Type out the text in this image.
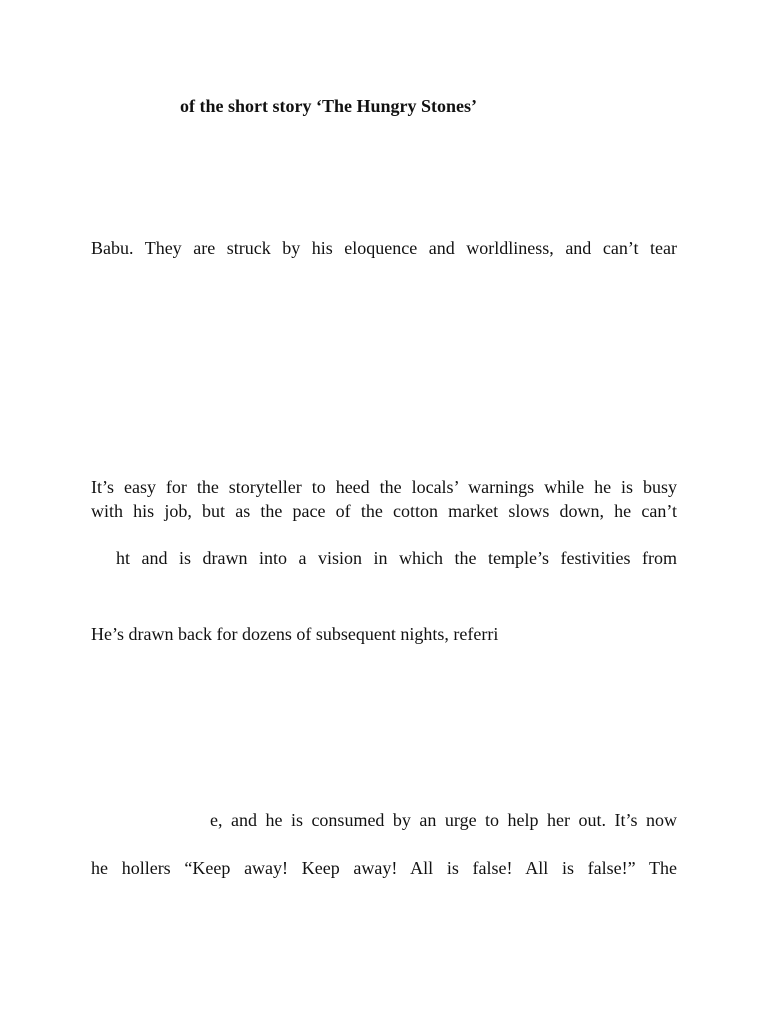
of the short story ‘The Hungry Stones’
Babu. They are struck by his eloquence and worldliness, and can’t tear
It’s easy for the storyteller to heed the locals’ warnings while he is busy
with his job, but as the pace of the cotton market slows down, he can’t
ht and is drawn into a vision in which the temple’s festivities from
He’s drawn back for dozens of subsequent nights, referri
e, and he is consumed by an urge to help her out. It’s now
he hollers “Keep away! Keep away! All is false! All is false!” The
